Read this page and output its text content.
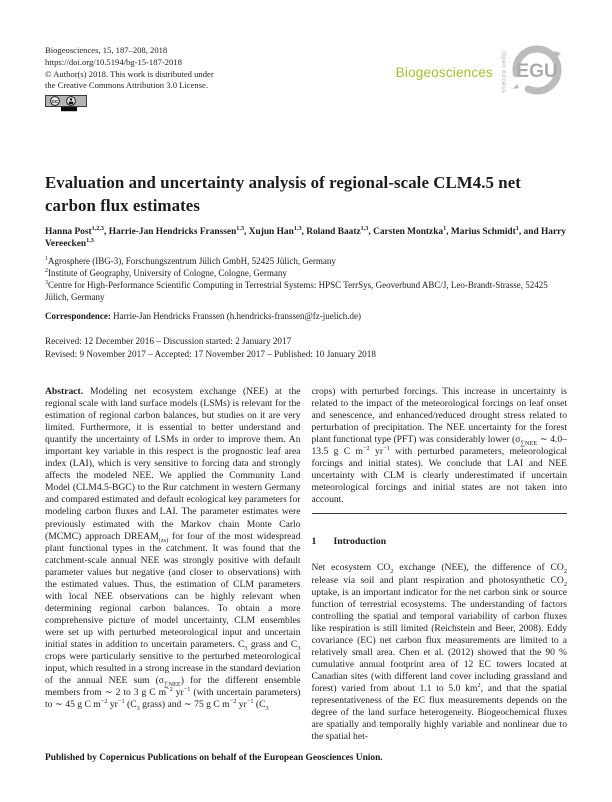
Biogeosciences, 15, 187–208, 2018
https://doi.org/10.5194/bg-15-187-2018
© Author(s) 2018. This work is distributed under
the Creative Commons Attribution 3.0 License.
cc
Biogeosciences Open Access EGU
Evaluation and uncertainty analysis of regional-scale CLM4.5 net carbon flux estimates
Hanna Post$^{1,2,3}$, Harrie-Jan Hendricks Franssen$^{1,3}$, Xujun Han$^{1,3}$, Roland Baatz$^{1,3}$, Carsten Montzka$^1$, Marius Schmidt$^1$, and Harry Vereecken$^{1,3}$
$^1$Agrosphere (IBG-3), Forschungszentrum Jülich GmbH, 52425 Jülich, Germany
$^2$Institute of Geography, University of Cologne, Cologne, Germany
$^3$Centre for High-Performance Scientific Computing in Terrestrial Systems: HPSC TerrSys, Geoverbund ABC/J, Leo-Brandt-Strasse, 52425 Jülich, Germany
Correspondence: Harrie-Jan Hendricks Franssen (h.hendricks-franssen@fz-juelich.de)
Received: 12 December 2016 – Discussion started: 2 January 2017
Revised: 9 November 2017 – Accepted: 17 November 2017 – Published: 10 January 2018

Abstract. Modeling net ecosystem exchange (NEE) at the regional scale with land surface models (LSMs) is relevant for the estimation of regional carbon balances, but studies on it are very limited. Furthermore, it is essential to better understand and quantify the uncertainty of LSMs in order to improve them. An important key variable in this respect is the prognostic leaf area index (LAI), which is very sensitive to forcing data and strongly affects the modeled NEE. We applied the Community Land Model (CLM4.5-BGC) to the Rur catchment in western Germany and compared estimated and default ecological key parameters for modeling carbon fluxes and LAI. The parameter estimates were previously estimated with the Markov chain Monte Carlo (MCMC) approach $DREAM_{(zs)}$ for four of the most widespread plant functional types in the catchment. It was found that the catchment-scale annual NEE was strongly positive with default parameter values but negative (and closer to observations) with the estimated values. Thus, the estimation of CLM parameters with local NEE observations can be highly relevant when determining regional carbon balances. To obtain a more comprehensive picture of model uncertainty, CLM ensembles were set up with perturbed meteorological input and uncertain initial states in addition to uncertain parameters. $C_3$ grass and $C_3$ crops were particularly sensitive to the perturbed meteorological input, which resulted in a strong increase in the standard deviation of the annual NEE sum $(\sigma_{\sum NEE})$ for the different ensemble members from ∼ 2 to 3 g C $m^{-2}$ $yr^{-1}$ (with uncertain parameters) to ∼ 45 g C $m^{-2}$ $yr^{-1}$ ($C_3$ grass) and ∼ 75 g C $m^{-2}$ $yr^{-1}$ ($C_3$

crops) with perturbed forcings. This increase in uncertainty is related to the impact of the meteorological forcings on leaf onset and senescence, and enhanced/reduced drought stress related to perturbation of precipitation. The NEE uncertainty for the forest plant functional type (PFT) was considerably lower ($\sigma_{\sum NEE}$ ∼ 4.0–13.5 g C $m^{-2}$ $yr^{-1}$ with perturbed parameters, meteorological forcings and initial states). We conclude that LAI and NEE uncertainty with CLM is clearly underestimated if uncertain meteorological forcings and initial states are not taken into account.

1	Introduction

Net ecosystem $CO_2$ exchange (NEE), the difference of $CO_2$ release via soil and plant respiration and photosynthetic $CO_2$ uptake, is an important indicator for the net carbon sink or source function of terrestrial ecosystems. The understanding of factors controlling the spatial and temporal variability of carbon fluxes like respiration is still limited (Reichstein and Beer, 2008). Eddy covariance (EC) net carbon flux measurements are limited to a relatively small area. Chen et al. (2012) showed that the 90 % cumulative annual footprint area of 12 EC towers located at Canadian sites (with different land cover including grassland and forest) varied from about 1.1 to 5.0 $km^2$, and that the spatial representativeness of the EC flux measurements depends on the degree of the land surface heterogeneity. Biogeochemical fluxes are spatially and temporally highly variable and nonlinear due to the spatial het-

Published by Copernicus Publications on behalf of the European Geosciences Union.
